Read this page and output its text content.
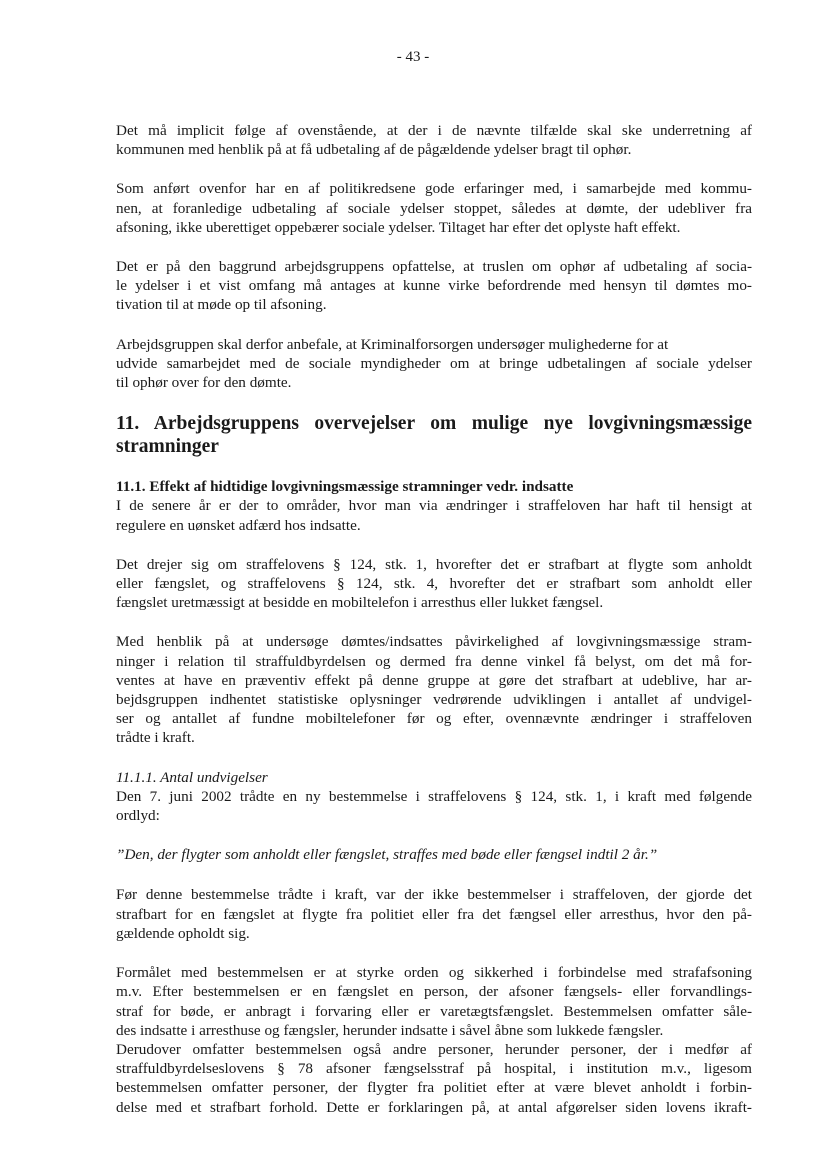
- 43 -
Det må implicit følge af ovenstående, at der i de nævnte tilfælde skal ske underretning af
kommunen med henblik på at få udbetaling af de pågældende ydelser bragt til ophør.
Som anført ovenfor har en af politikredsene gode erfaringer med, i samarbejde med kommu-
nen, at foranledige udbetaling af sociale ydelser stoppet, således at dømte, der udebliver fra
afsoning, ikke uberettiget oppebærer sociale ydelser. Tiltaget har efter det oplyste haft effekt.
Det er på den baggrund arbejdsgruppens opfattelse, at truslen om ophør af udbetaling af socia-
le ydelser i et vist omfang må antages at kunne virke befordrende med hensyn til dømtes mo-
tivation til at møde op til afsoning.
Arbejdsgruppen skal derfor anbefale, at Kriminalforsorgen undersøger mulighederne for at
udvide samarbejdet med de sociale myndigheder om at bringe udbetalingen af sociale ydelser
til ophør over for den dømte.
11. Arbejdsgruppens overvejelser om mulige nye lovgivningsmæssige
stramninger
11.1. Effekt af hidtidige lovgivningsmæssige stramninger vedr. indsatte
I de senere år er der to områder, hvor man via ændringer i straffeloven har haft til hensigt at
regulere en uønsket adfærd hos indsatte.
Det drejer sig om straffelovens § 124, stk. 1, hvorefter det er strafbart at flygte som anholdt
eller fængslet, og straffelovens § 124, stk. 4, hvorefter det er strafbart som anholdt eller
fængslet uretmæssigt at besidde en mobiltelefon i arresthus eller lukket fængsel.
Med henblik på at undersøge dømtes/indsattes påvirkelighed af lovgivningsmæssige stram-
ninger i relation til straffuldbyrdelsen og dermed fra denne vinkel få belyst, om det må for-
ventes at have en præventiv effekt på denne gruppe at gøre det strafbart at udeblive, har ar-
bejdsgruppen indhentet statistiske oplysninger vedrørende udviklingen i antallet af undvigel-
ser og antallet af fundne mobiltelefoner før og efter, ovennævnte ændringer i straffeloven
trådte i kraft.
11.1.1. Antal undvigelser
Den 7. juni 2002 trådte en ny bestemmelse i straffelovens § 124, stk. 1, i kraft med følgende
ordlyd:
”Den, der flygter som anholdt eller fængslet, straffes med bøde eller fængsel indtil 2 år.”
Før denne bestemmelse trådte i kraft, var der ikke bestemmelser i straffeloven, der gjorde det
strafbart for en fængslet at flygte fra politiet eller fra det fængsel eller arresthus, hvor den på-
gældende opholdt sig.
Formålet med bestemmelsen er at styrke orden og sikkerhed i forbindelse med strafafsoning
m.v. Efter bestemmelsen er en fængslet en person, der afsoner fængsels- eller forvandlings-
straf for bøde, er anbragt i forvaring eller er varetægtsfængslet. Bestemmelsen omfatter såle-
des indsatte i arresthuse og fængsler, herunder indsatte i såvel åbne som lukkede fængsler.
Derudover omfatter bestemmelsen også andre personer, herunder personer, der i medfør af
straffuldbyrdelseslovens § 78 afsoner fængselsstraf på hospital, i institution m.v., ligesom
bestemmelsen omfatter personer, der flygter fra politiet efter at være blevet anholdt i forbin-
delse med et strafbart forhold. Dette er forklaringen på, at antal afgørelser siden lovens ikraft-
